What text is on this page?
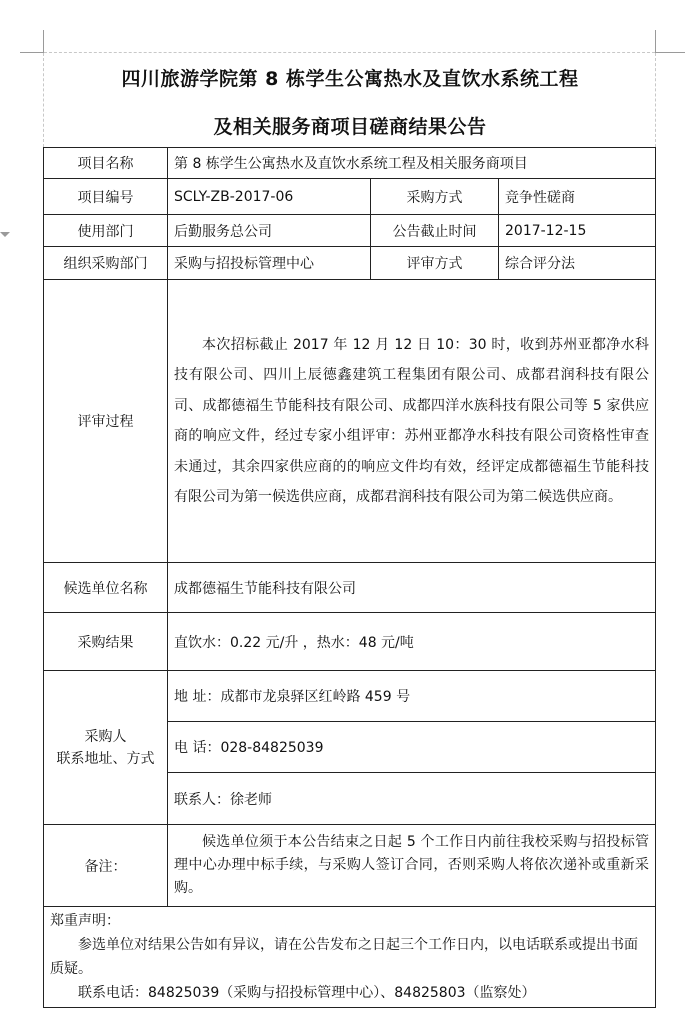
四川旅游学院第 8 栋学生公寓热水及直饮水系统工程
及相关服务商项目磋商结果公告
项目名称	第 8 栋学生公寓热水及直饮水系统工程及相关服务商项目		
项目编号	SCLY-ZB-2017-06	采购方式	竞争性磋商
使用部门	后勤服务总公司	公告截止时间	2017-12-15
组织采购部门	采购与招投标管理中心	评审方式	综合评分法
评审过程	本次招标截止 2017 年 12 月 12 日 10：30 时，收到苏州亚都净水科技有限公司、四川上辰德鑫建筑工程集团有限公司、成都君润科技有限公司、成都德福生节能科技有限公司、成都四洋水族科技有限公司等 5 家供应商的响应文件，经过专家小组评审：苏州亚都净水科技有限公司资格性审查未通过，其余四家供应商的的响应文件均有效，经评定成都德福生节能科技有限公司为第一候选供应商，成都君润科技有限公司为第二候选供应商。		
候选单位名称	成都德福生节能科技有限公司		
采购结果	直饮水：0.22 元/升 ，热水：48 元/吨		
采购人
联系地址、方式	地 址：成都市龙泉驿区红岭路 459 号		
	电 话：028-84825039		
	联系人：徐老师		
备注：	候选单位须于本公告结束之日起 5 个工作日内前往我校采购与招投标管理中心办理中标手续，与采购人签订合同，否则采购人将依次递补或重新采购。		

郑重声明：
参选单位对结果公告如有异议，请在公告发布之日起三个工作日内，以电话联系或提出书面质疑。
联系电话：84825039（采购与招投标管理中心）、84825803（监察处）			
